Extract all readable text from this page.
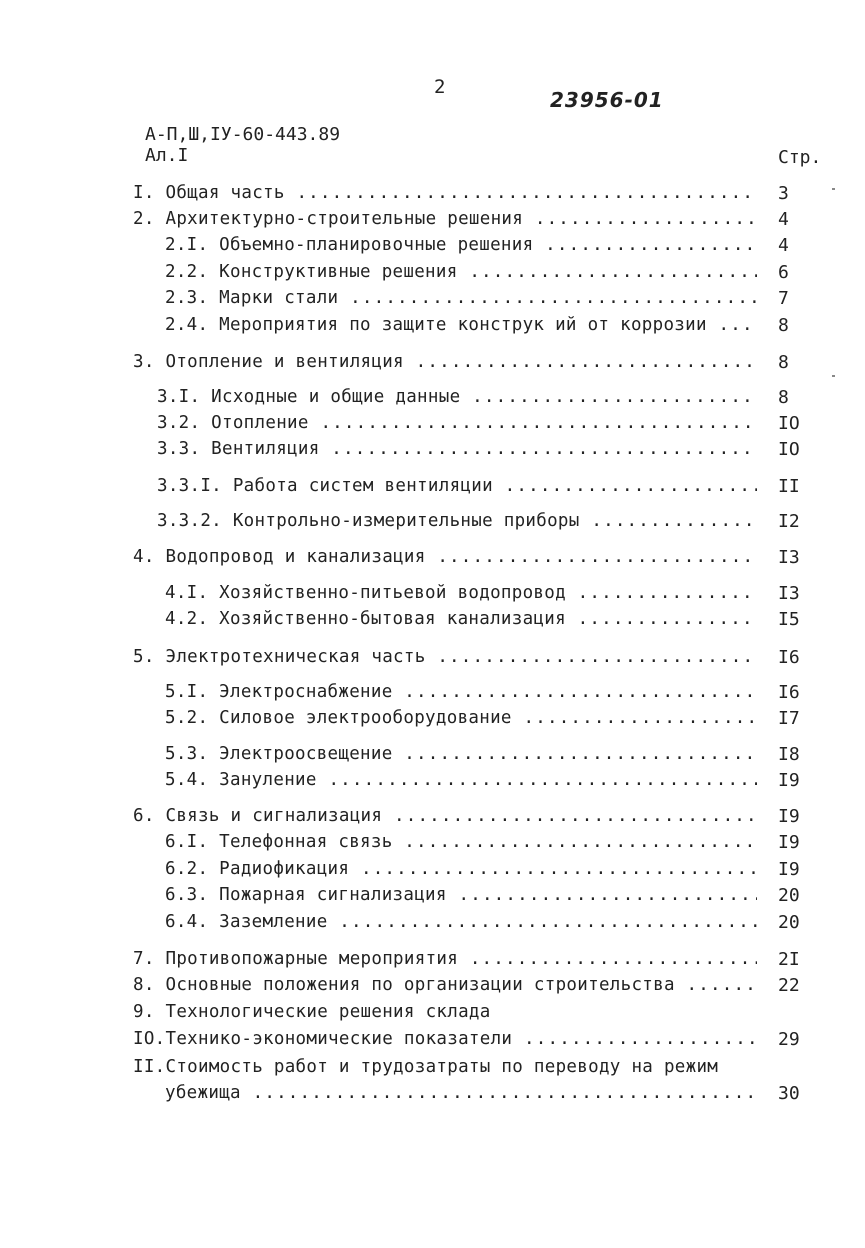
2
23956-01
А-П,Ш,IУ-60-443.89
Ал.I	Стр.
I. Общая часть .....	3
2. Архитектурно-строительные решения .....	4
2.I. Объемно-планировочные решения .....	4
2.2. Конструктивные решения .....	6
2.3. Марки стали .....	7
2.4. Мероприятия по защите конструк ий от коррозии .....	8
3. Отопление и вентиляция .....	8
3.I. Исходные и общие данные .....	8
3.2. Отопление .....	IO
3.3. Вентиляция .....	IO
3.3.I. Работа систем вентиляции .....	II
3.3.2. Контрольно-измерительные приборы .....	I2
4. Водопровод и канализация .....	I3
4.I. Хозяйственно-питьевой водопровод .....	I3
4.2. Хозяйственно-бытовая канализация .....	I5
5. Электротехническая часть .....	I6
5.I. Электроснабжение .....	I6
5.2. Силовое электрооборудование .....	I7
5.3. Электроосвещение .....	I8
5.4. Зануление .....	I9
6. Связь и сигнализация .....	I9
6.I. Телефонная связь .....	I9
6.2. Радиофикация .....	I9
6.3. Пожарная сигнализация .....	20
6.4. Заземление .....	20
7. Противопожарные мероприятия .....	2I
8. Основные положения по организации строительства .....	22
9. Технологические решения склада
IO.Технико-экономические показатели .....	29
II.Стоимость работ и трудозатраты по переводу на режим
убежища .....	30
